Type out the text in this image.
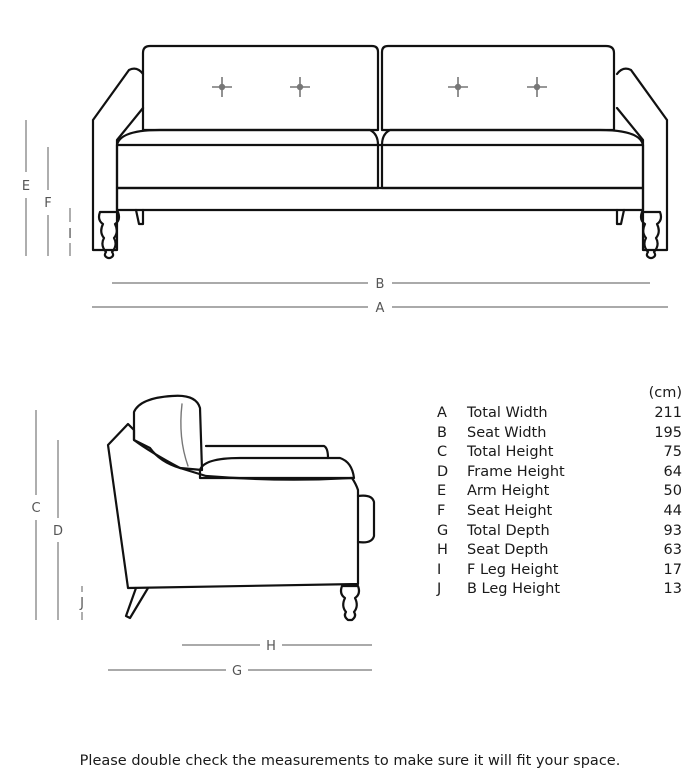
E
F
I
B
A
C
D
J
H
G
(cm)
A	Total Width	211
B	Seat Width	195
C	Total Height	75
D	Frame Height	64
E	Arm Height	50
F	Seat Height	44
G	Total Depth	93
H	Seat Depth	63
I	F Leg Height	17
J	B Leg Height	13
Please double check the measurements to make sure it will fit your space.
